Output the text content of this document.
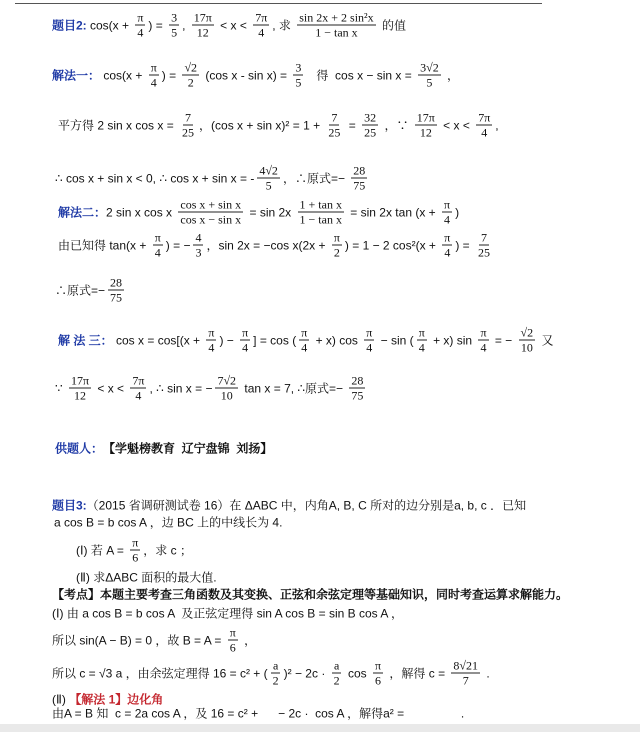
题目2: $\cos(x + \frac{\pi}{4}$ ) = $\frac{3}{5}$ , $\frac{17\pi}{12} < x < \frac{7\pi}{4}$ , 求 $\frac{\text{sin 2x + 2 sin²x}}{\text{1 − tan x}}$ 的值
解法一： $\cos(x + \frac{\pi}{4}$ ) = $\frac{√2}{2} (\cos$ $x - \sin x) = \frac{3}{5}$ 得  $\cos x - \sin x = \frac{3√2}{5}$ ，
平方得 2 sin x $\cos x = \frac{7}{25}$ ，(cos $x + \sin x)^2 = 1 + \frac{7}{25} = \frac{32}{25}$ ，∵ $\frac{17\pi}{12} < x < \frac{7\pi}{4}$ ,
∴ cos x + sin x < 0, ∴ cos x + sin x = - $\frac{4√2}{5}$ ，∴原式=− $\frac{28}{75}$
解法二： 2 sin x cos x $\frac{\text{cos x + sin x}}{\text{cos x − sin x}} = \sin 2x \frac{\text{1 + tan x}}{\text{1 − tan x}} = \sin 2x$ $\tan (x + \frac{\pi}{4}$ )
由已知得 $\tan(x + \frac{\pi}{4}$ ) = − $\frac{4}{3}$ ，sin 2x = −cos $x(2x + \frac{\pi}{2}$ ) = 1 − 2 $\cos^2(x + \frac{\pi}{4}$ ) = $\frac{7}{25}$
∴原式=− $\frac{28}{75}$
解 法 三： $\cos x = \cos[(x + \frac{\pi}{4}$ ) − $\frac{\pi}{4}$ ] = cos ( $\frac{\pi}{4} + x$) $\cos \frac{\pi}{4} - \sin$ ( $\frac{\pi}{4} + x$) $\sin \frac{\pi}{4}$ = − $\frac{√2}{10}$ 又
∵ $\frac{17\pi}{12} < x < \frac{7\pi}{4}$ , ∴ sin x = − $\frac{7√2}{10}$ tan x = 7, ∴原式=− $\frac{28}{75}$
供题人： 【学魁榜教育  辽宁盘锦  刘扬】
题目3: （2015 省调研测试卷 16）在 ΔABC 中，内角A, B, C 所对的边分别是a, b, c ．已知
a cos B = b cos A ，边 BC 上的中线长为 4.
(Ⅰ) 若 $A = \frac{\pi}{6}$ ，求 c ；
(Ⅱ) 求ΔABC 面积的最大值.
【考点】本题主要考查三角函数及其变换、正弦和余弦定理等基础知识，同时考查运算求解能力。
(Ⅰ) 由 a cos B = b cos A  及正弦定理得 sin A cos B = sin B cos A ，
所以 sin(A − B) = 0 ，故 $B = A = \frac{\pi}{6}$ ，
所以 c = √3 a ，由余弦定理得 16 = c² + ( $\frac{a}{2} )^2 - 2c \cdot \frac{a}{2}$ $\cos \frac{\pi}{6}$ ，解得 $c = \frac{8√21}{7}$ .
(Ⅱ) 【解法 1】边化角
由A = B 知  c = 2a cos A ，及 16 = c² +      − 2c ·  cos A ，解得a² =                 .
